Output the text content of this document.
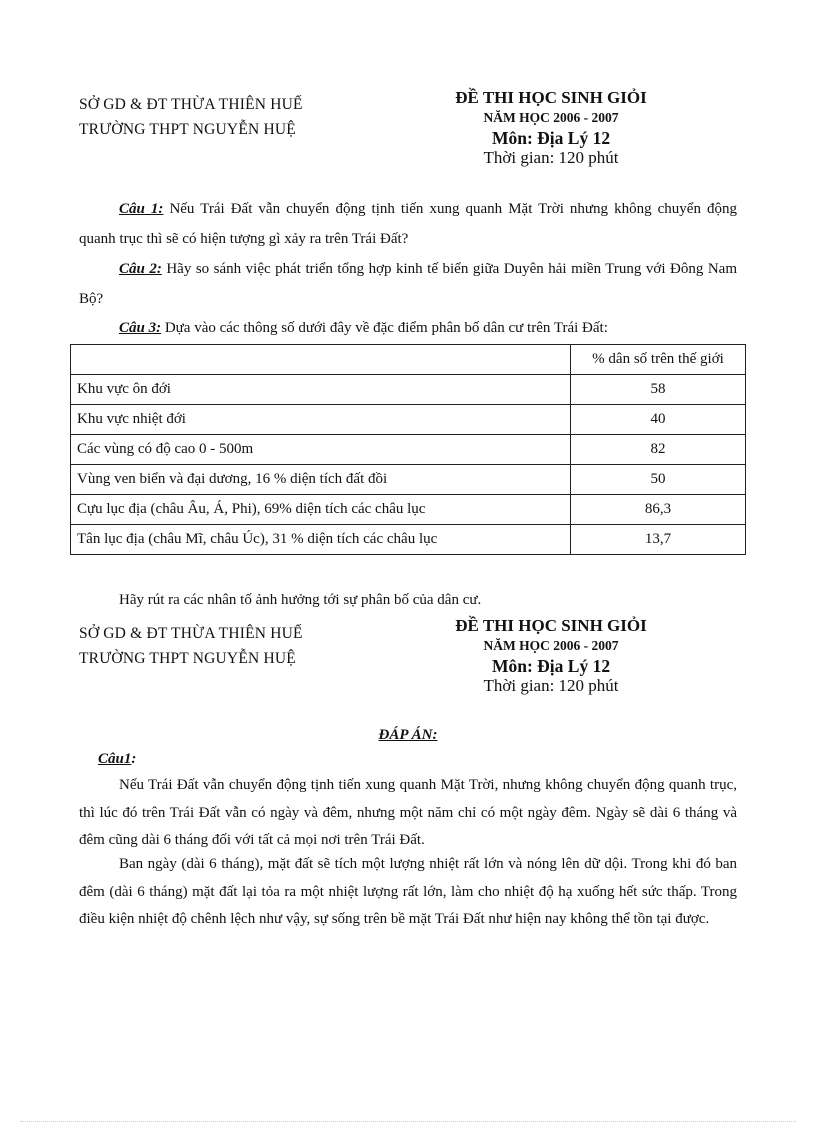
SỞ GD & ĐT THỪA THIÊN HUẾ
TRƯỜNG THPT NGUYỄN HUỆ
ĐỀ THI HỌC SINH GIỎI
NĂM HỌC 2006 - 2007
Môn: Địa Lý 12
Thời gian: 120 phút
Câu 1: Nếu Trái Đất vẫn chuyển động tịnh tiến xung quanh Mặt Trời nhưng không chuyển động quanh trục thì sẽ có hiện tượng gì xảy ra trên Trái Đất?
Câu 2: Hãy so sánh việc phát triển tổng hợp kinh tế biển giữa Duyên hải miền Trung với Đông Nam Bộ?
Câu 3: Dựa vào các thông số dưới đây về đặc điểm phân bố dân cư trên Trái Đất:
	% dân số trên thế giới
Khu vực ôn đới	58
Khu vực nhiệt đới	40
Các vùng có độ cao 0 - 500m	82
Vùng ven biển và đại dương, 16 % diện tích đất đồi	50
Cựu lục địa (châu Âu, Á, Phi), 69% diện tích các châu lục	86,3
Tân lục địa (châu Mĩ, châu Úc), 31 % diện tích các châu lục	13,7
Hãy rút ra các nhân tố ảnh hưởng tới sự phân bố của dân cư.
SỞ GD & ĐT THỪA THIÊN HUẾ
TRƯỜNG THPT NGUYỄN HUỆ
ĐỀ THI HỌC SINH GIỎI
NĂM HỌC 2006 - 2007
Môn: Địa Lý 12
Thời gian: 120 phút
ĐÁP ÁN:
Câu1:
Nếu Trái Đất vẫn chuyển động tịnh tiến xung quanh Mặt Trời, nhưng không chuyển động quanh trục, thì lúc đó trên Trái Đất vẫn có ngày và đêm, nhưng một năm chỉ có một ngày đêm. Ngày sẽ dài 6 tháng và đêm cũng dài 6 tháng đối với tất cả mọi nơi trên Trái Đất.
Ban ngày (dài 6 tháng), mặt đất sẽ tích một lượng nhiệt rất lớn và nóng lên dữ dội. Trong khi đó ban đêm (dài 6 tháng) mặt đất lại tỏa ra một nhiệt lượng rất lớn, làm cho nhiệt độ hạ xuống hết sức thấp. Trong điều kiện nhiệt độ chênh lệch như vậy, sự sống trên bề mặt Trái Đất như hiện nay không thể tồn tại được.
